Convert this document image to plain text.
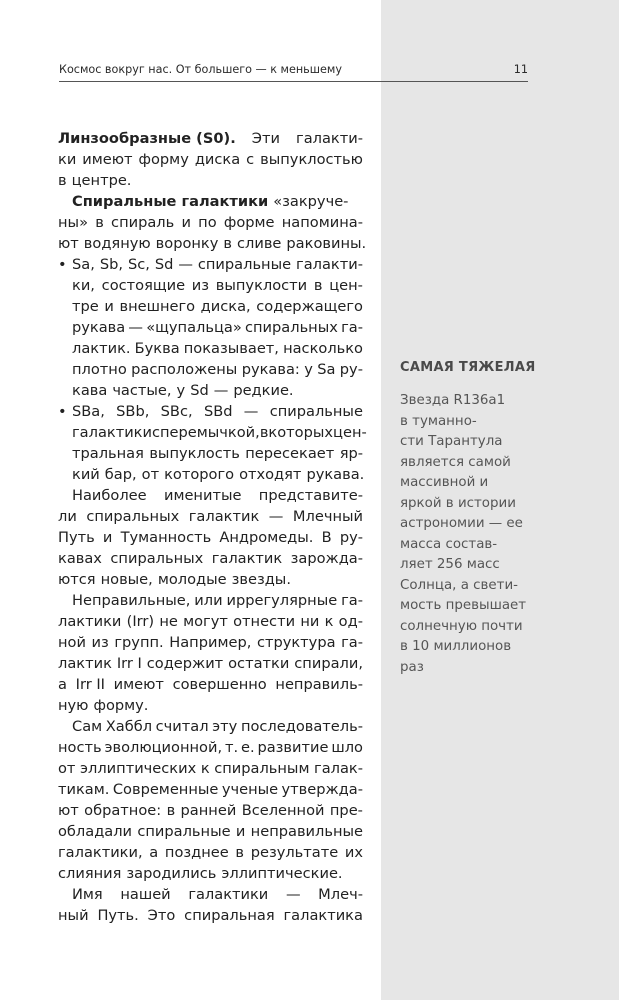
Космос вокруг нас. От большего — к меньшему	11
Линзообразные (S0). Эти галакти-
ки имеют форму диска с выпуклостью
в центре.
Спиральные галактики «закруче-
ны» в спираль и по форме напомина-
ют водяную воронку в сливе раковины.
• Sa, Sb, Sc, Sd — спиральные галакти-
ки, состоящие из выпуклости в цен-
тре и внешнего диска, содержащего
рукава — «щупальца» спиральных га-
лактик. Буква показывает, насколько
плотно расположены рукава: у Sa ру-
кава частые, у Sd — редкие.
• SBa, SBb, SBc, SBd — спиральные
галактики с перемычкой, в которых цен-
тральная выпуклость пересекает яр-
кий бар, от которого отходят рукава.
Наиболее именитые представите-
ли спиральных галактик — Млечный
Путь и Туманность Андромеды. В ру-
кавах спиральных галактик зарожда-
ются новые, молодые звезды.
Неправильные, или иррегулярные га-
лактики (Irr) не могут отнести ни к од-
ной из групп. Например, структура га-
лактик Irr I содержит остатки спирали,
а Irr II имеют совершенно неправиль-
ную форму.
Сам Хаббл считал эту последователь-
ность эволюционной, т. е. развитие шло
от эллиптических к спиральным галак-
тикам. Современные ученые утвержда-
ют обратное: в ранней Вселенной пре-
обладали спиральные и неправильные
галактики, а позднее в результате их
слияния зародились эллиптические.
Имя нашей галактики — Млеч-
ный Путь. Это спиральная галактика
САМАЯ ТЯЖЕЛАЯ
Звезда R136a1
в туманно-
сти Тарантула
является самой
массивной и
яркой в истории
астрономии — ее
масса состав-
ляет 256 масс
Солнца, а свети-
мость превышает
солнечную почти
в 10 миллионов
раз
